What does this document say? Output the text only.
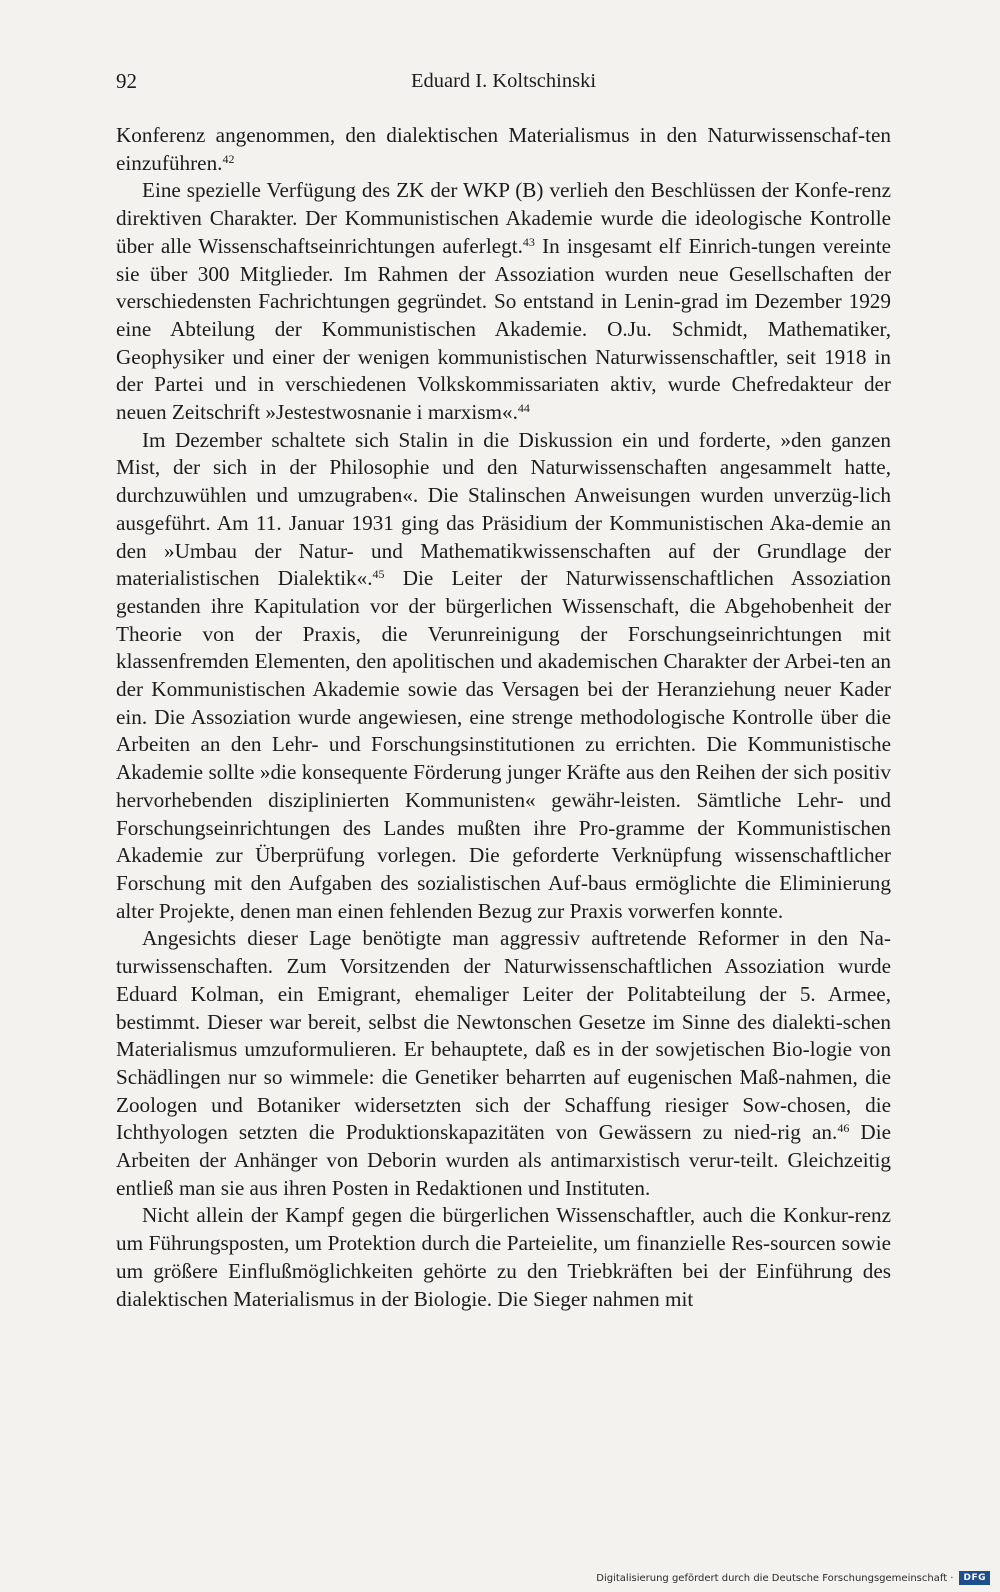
92	Eduard I. Koltschinski

Konferenz angenommen, den dialektischen Materialismus in den Naturwissenschaf-ten einzuführen.$^{42}$

Eine spezielle Verfügung des ZK der WKP (B) verlieh den Beschlüssen der Konfe-renz direktiven Charakter. Der Kommunistischen Akademie wurde die ideologische Kontrolle über alle Wissenschaftseinrichtungen auferlegt.$^{43}$ In insgesamt elf Einrich-tungen vereinte sie über 300 Mitglieder. Im Rahmen der Assoziation wurden neue Gesellschaften der verschiedensten Fachrichtungen gegründet. So entstand in Lenin-grad im Dezember 1929 eine Abteilung der Kommunistischen Akademie. O.Ju. Schmidt, Mathematiker, Geophysiker und einer der wenigen kommunistischen Naturwissenschaftler, seit 1918 in der Partei und in verschiedenen Volkskommissariaten aktiv, wurde Chefredakteur der neuen Zeitschrift »Jestestwosnanie i marxism«.$^{44}$

Im Dezember schaltete sich Stalin in die Diskussion ein und forderte, »den ganzen Mist, der sich in der Philosophie und den Naturwissenschaften angesammelt hatte, durchzuwühlen und umzugraben«. Die Stalinschen Anweisungen wurden unverzüg-lich ausgeführt. Am 11. Januar 1931 ging das Präsidium der Kommunistischen Aka-demie an den »Umbau der Natur- und Mathematikwissenschaften auf der Grundlage der materialistischen Dialektik«.$^{45}$ Die Leiter der Naturwissenschaftlichen Assoziation gestanden ihre Kapitulation vor der bürgerlichen Wissenschaft, die Abgehobenheit der Theorie von der Praxis, die Verunreinigung der Forschungseinrichtungen mit klassenfremden Elementen, den apolitischen und akademischen Charakter der Arbei-ten an der Kommunistischen Akademie sowie das Versagen bei der Heranziehung neuer Kader ein. Die Assoziation wurde angewiesen, eine strenge methodologische Kontrolle über die Arbeiten an den Lehr- und Forschungsinstitutionen zu errichten. Die Kommunistische Akademie sollte »die konsequente Förderung junger Kräfte aus den Reihen der sich positiv hervorhebenden disziplinierten Kommunisten« gewähr-leisten. Sämtliche Lehr- und Forschungseinrichtungen des Landes mußten ihre Pro-gramme der Kommunistischen Akademie zur Überprüfung vorlegen. Die geforderte Verknüpfung wissenschaftlicher Forschung mit den Aufgaben des sozialistischen Auf-baus ermöglichte die Eliminierung alter Projekte, denen man einen fehlenden Bezug zur Praxis vorwerfen konnte.

Angesichts dieser Lage benötigte man aggressiv auftretende Reformer in den Na-turwissenschaften. Zum Vorsitzenden der Naturwissenschaftlichen Assoziation wurde Eduard Kolman, ein Emigrant, ehemaliger Leiter der Politabteilung der 5. Armee, bestimmt. Dieser war bereit, selbst die Newtonschen Gesetze im Sinne des dialekti-schen Materialismus umzuformulieren. Er behauptete, daß es in der sowjetischen Bio-logie von Schädlingen nur so wimmele: die Genetiker beharrten auf eugenischen Maß-nahmen, die Zoologen und Botaniker widersetzten sich der Schaffung riesiger Sow-chosen, die Ichthyologen setzten die Produktionskapazitäten von Gewässern zu nied-rig an.$^{46}$ Die Arbeiten der Anhänger von Deborin wurden als antimarxistisch verur-teilt. Gleichzeitig entließ man sie aus ihren Posten in Redaktionen und Instituten.

Nicht allein der Kampf gegen die bürgerlichen Wissenschaftler, auch die Konkur-renz um Führungsposten, um Protektion durch die Parteielite, um finanzielle Res-sourcen sowie um größere Einflußmöglichkeiten gehörte zu den Triebkräften bei der Einführung des dialektischen Materialismus in der Biologie. Die Sieger nahmen mit

Digitalisierung gefördert durch die Deutsche Forschungsgemeinschaft ·	DFG
